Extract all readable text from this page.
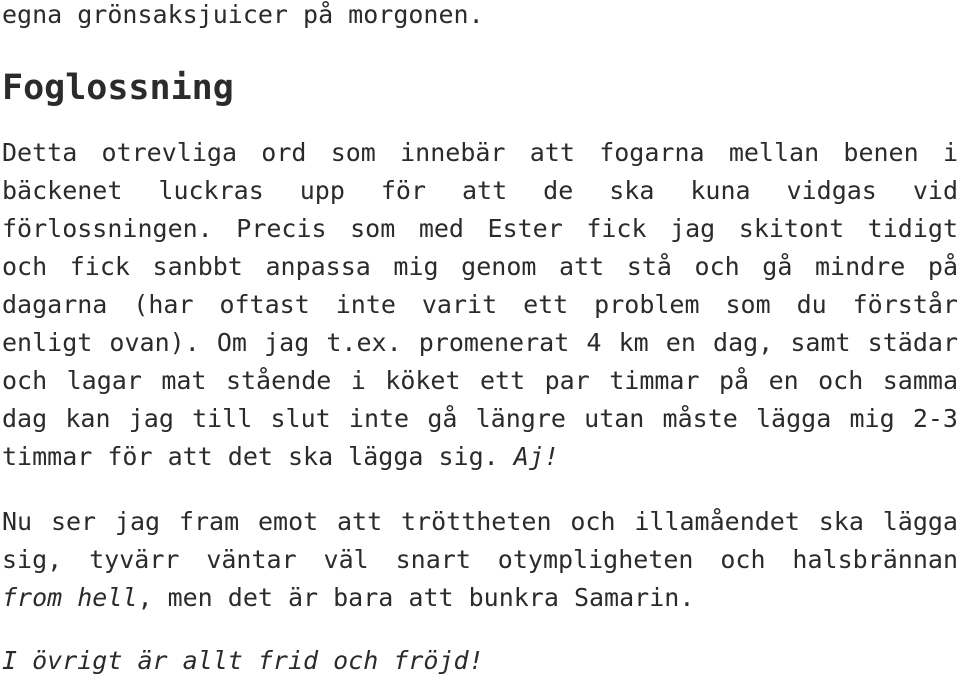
egna grönsaksjuicer på morgonen.
Foglossning
Detta otrevliga ord som innebär att fogarna mellan benen i
bäckenet luckras upp för att de ska kuna vidgas vid
förlossningen. Precis som med Ester fick jag skitont tidigt
och fick sanbbt anpassa mig genom att stå och gå mindre på
dagarna (har oftast inte varit ett problem som du förstår
enligt ovan). Om jag t.ex. promenerat 4 km en dag, samt städar
och lagar mat stående i köket ett par timmar på en och samma
dag kan jag till slut inte gå längre utan måste lägga mig 2-3
timmar för att det ska lägga sig. Aj!
Nu ser jag fram emot att tröttheten och illamåendet ska lägga
sig, tyvärr väntar väl snart otympligheten och halsbrännan
from hell, men det är bara att bunkra Samarin.
I övrigt är allt frid och fröjd!
